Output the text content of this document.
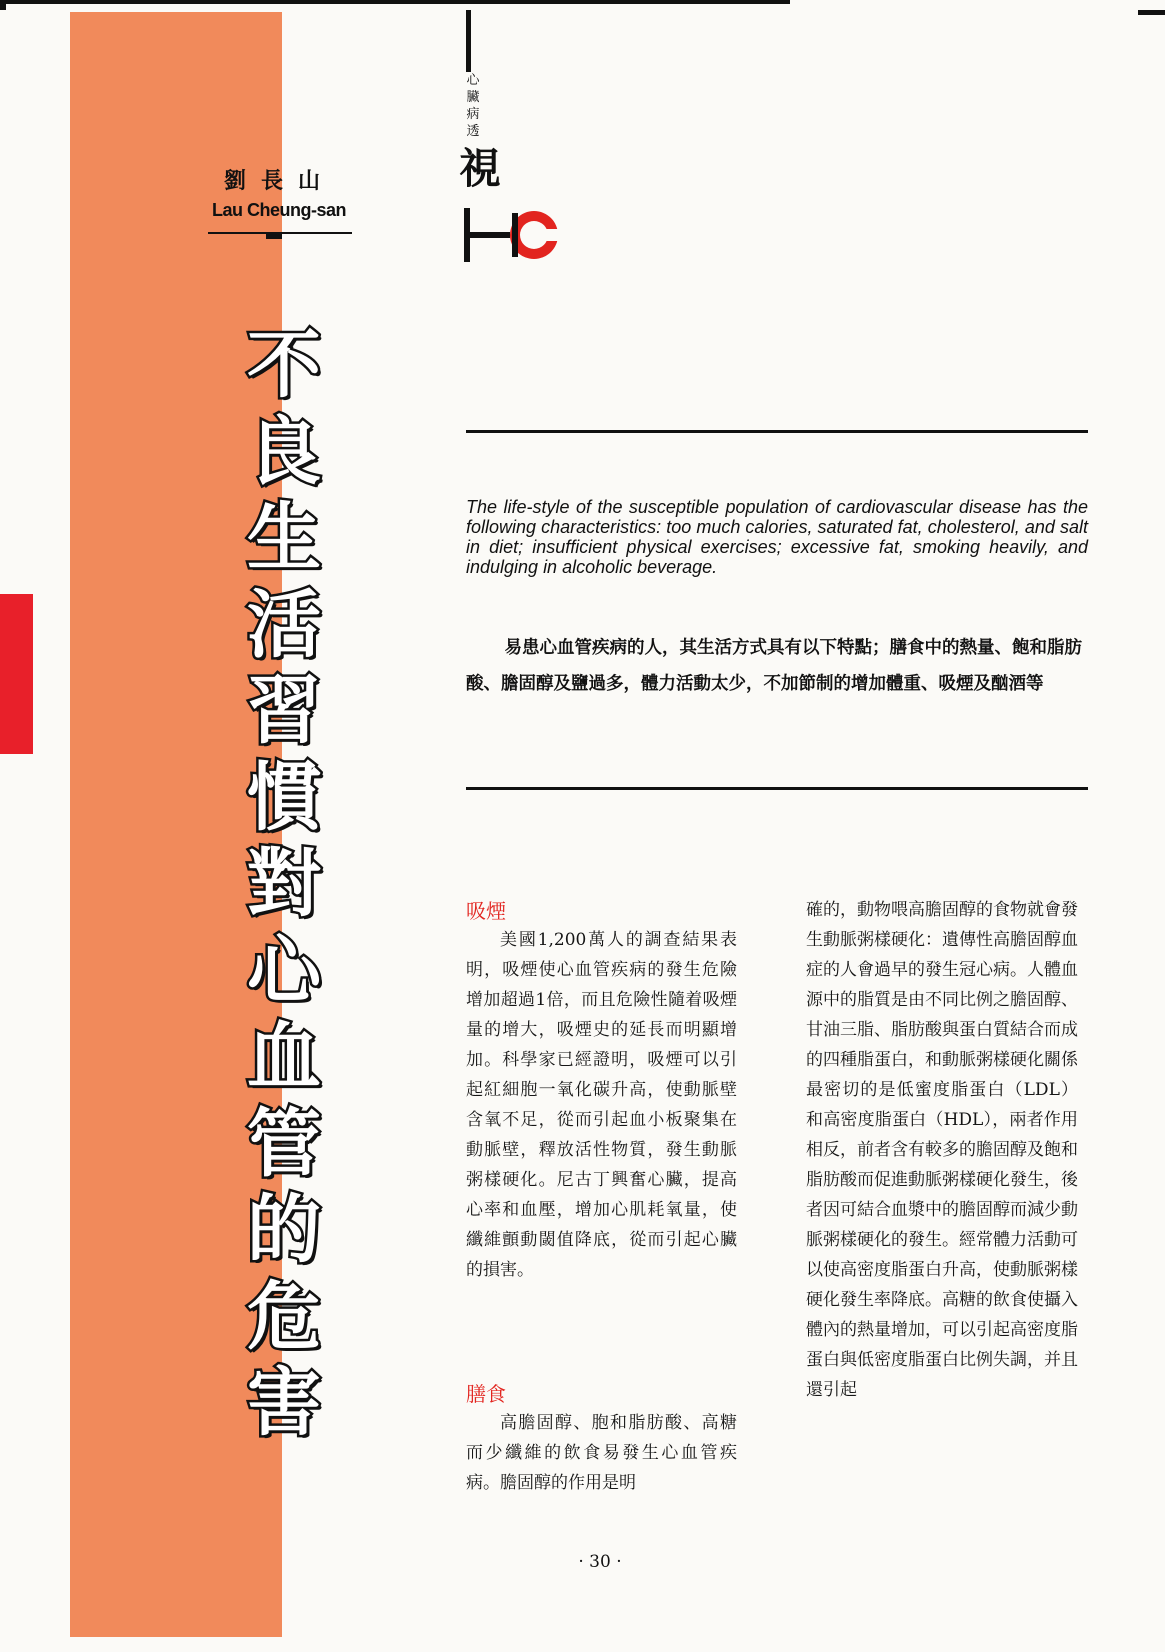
劉長山
Lau Cheung-san
不
良
生
活
習
慣
對
心
血
管
的
危
害
心臟病透
視
The life-style of the susceptible population of cardiovascular disease has the following characteristics: too much calories, saturated fat, cholesterol, and salt in diet; insufficient physical exercises; excessive fat, smoking heavily, and indulging in alcoholic beverage.
易患心血管疾病的人，其生活方式具有以下特點；膳食中的熱量、飽和脂肪酸、膽固醇及鹽過多，體力活動太少，不加節制的增加體重、吸煙及酗酒等
吸煙
美國1,200萬人的調查結果表明，吸煙使心血管疾病的發生危險增加超過1倍，而且危險性隨着吸煙量的增大，吸煙史的延長而明顯增加。科學家已經證明，吸煙可以引起紅細胞一氧化碳升高，使動脈壁含氧不足，從而引起血小板聚集在動脈壁，釋放活性物質，發生動脈粥樣硬化。尼古丁興奮心臟，提高心率和血壓，增加心肌耗氧量，使纖維顫動閾值降底，從而引起心臟的損害。
膳食
高膽固醇、胞和脂肪酸、高糖而少纖維的飲食易發生心血管疾病。膽固醇的作用是明
確的，動物喂高膽固醇的食物就會發生動脈粥樣硬化：遺傳性高膽固醇血症的人會過早的發生冠心病。人體血源中的脂質是由不同比例之膽固醇、甘油三脂、脂肪酸與蛋白質結合而成的四種脂蛋白，和動脈粥樣硬化關係最密切的是低蜜度脂蛋白（LDL）和高密度脂蛋白（HDL），兩者作用相反，前者含有較多的膽固醇及飽和脂肪酸而促進動脈粥樣硬化發生，後者因可結合血漿中的膽固醇而減少動脈粥樣硬化的發生。經常體力活動可以使高密度脂蛋白升高，使動脈粥樣硬化發生率降底。高糖的飲食使攝入體內的熱量增加，可以引起高密度脂蛋白與低密度脂蛋白比例失調，并且還引起
· 30 ·
